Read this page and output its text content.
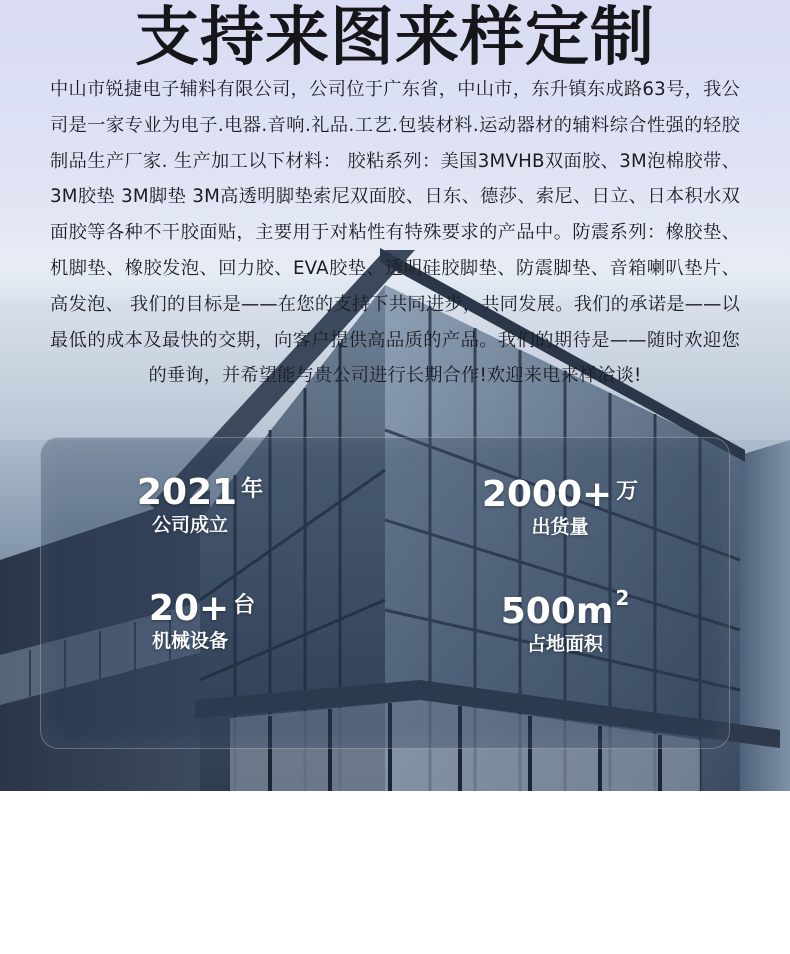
支持来图来样定制

中山市锐捷电子辅料有限公司，公司位于广东省，中山市，东升镇东成路63号，我公司是一家专业为电子.电器.音响.礼品.工艺.包装材料.运动器材的辅料综合性强的轻胶制品生产厂家. 生产加工以下材料： 胶粘系列：美国3MVHB双面胶、3M泡棉胶带、3M胶垫 3M脚垫 3M高透明脚垫索尼双面胶、日东、德莎、索尼、日立、日本积水双面胶等各种不干胶面贴，主要用于对粘性有特殊要求的产品中。防震系列：橡胶垫、机脚垫、橡胶发泡、回力胶、EVA胶垫、透明硅胶脚垫、防震脚垫、音箱喇叭垫片、高发泡、 我们的目标是——在您的支持下共同进步，共同发展。我们的承诺是——以最低的成本及最快的交期，向客户提供高品质的产品。我们的期待是——随时欢迎您的垂询，并希望能与贵公司进行长期合作!欢迎来电来样洽谈!

2021 $^年$
公司成立
2000+ $^万$
出货量
20+ $^台$
机械设备
500m $^2$
占地面积
